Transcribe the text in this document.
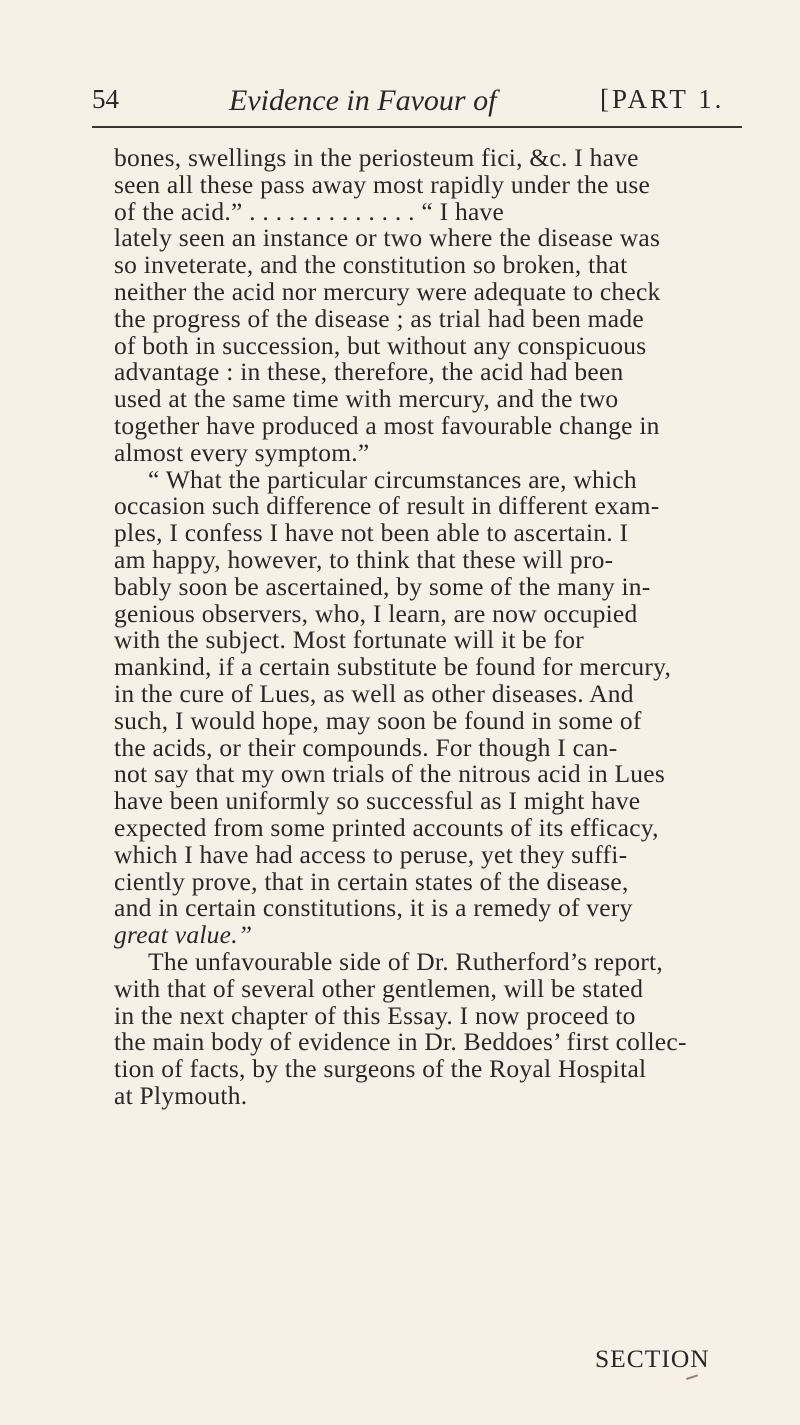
54	Evidence in Favour of	[PART 1.
bones, swellings in the periosteum fici, &c. I have
seen all these pass away most rapidly under the use
of the acid.” . . . . . . . . . . . . . “ I have
lately seen an instance or two where the disease was
so inveterate, and the constitution so broken, that
neither the acid nor mercury were adequate to check
the progress of the disease ; as trial had been made
of both in succession, but without any conspicuous
advantage : in these, therefore, the acid had been
used at the same time with mercury, and the two
together have produced a most favourable change in
almost every symptom.”
“ What the particular circumstances are, which
occasion such difference of result in different exam-
ples, I confess I have not been able to ascertain. I
am happy, however, to think that these will pro-
bably soon be ascertained, by some of the many in-
genious observers, who, I learn, are now occupied
with the subject. Most fortunate will it be for
mankind, if a certain substitute be found for mercury,
in the cure of Lues, as well as other diseases. And
such, I would hope, may soon be found in some of
the acids, or their compounds. For though I can-
not say that my own trials of the nitrous acid in Lues
have been uniformly so successful as I might have
expected from some printed accounts of its efficacy,
which I have had access to peruse, yet they suffi-
ciently prove, that in certain states of the disease,
and in certain constitutions, it is a remedy of very
great value.”
The unfavourable side of Dr. Rutherford’s report,
with that of several other gentlemen, will be stated
in the next chapter of this Essay. I now proceed to
the main body of evidence in Dr. Beddoes’ first collec-
tion of facts, by the surgeons of the Royal Hospital
at Plymouth.
SECTION
